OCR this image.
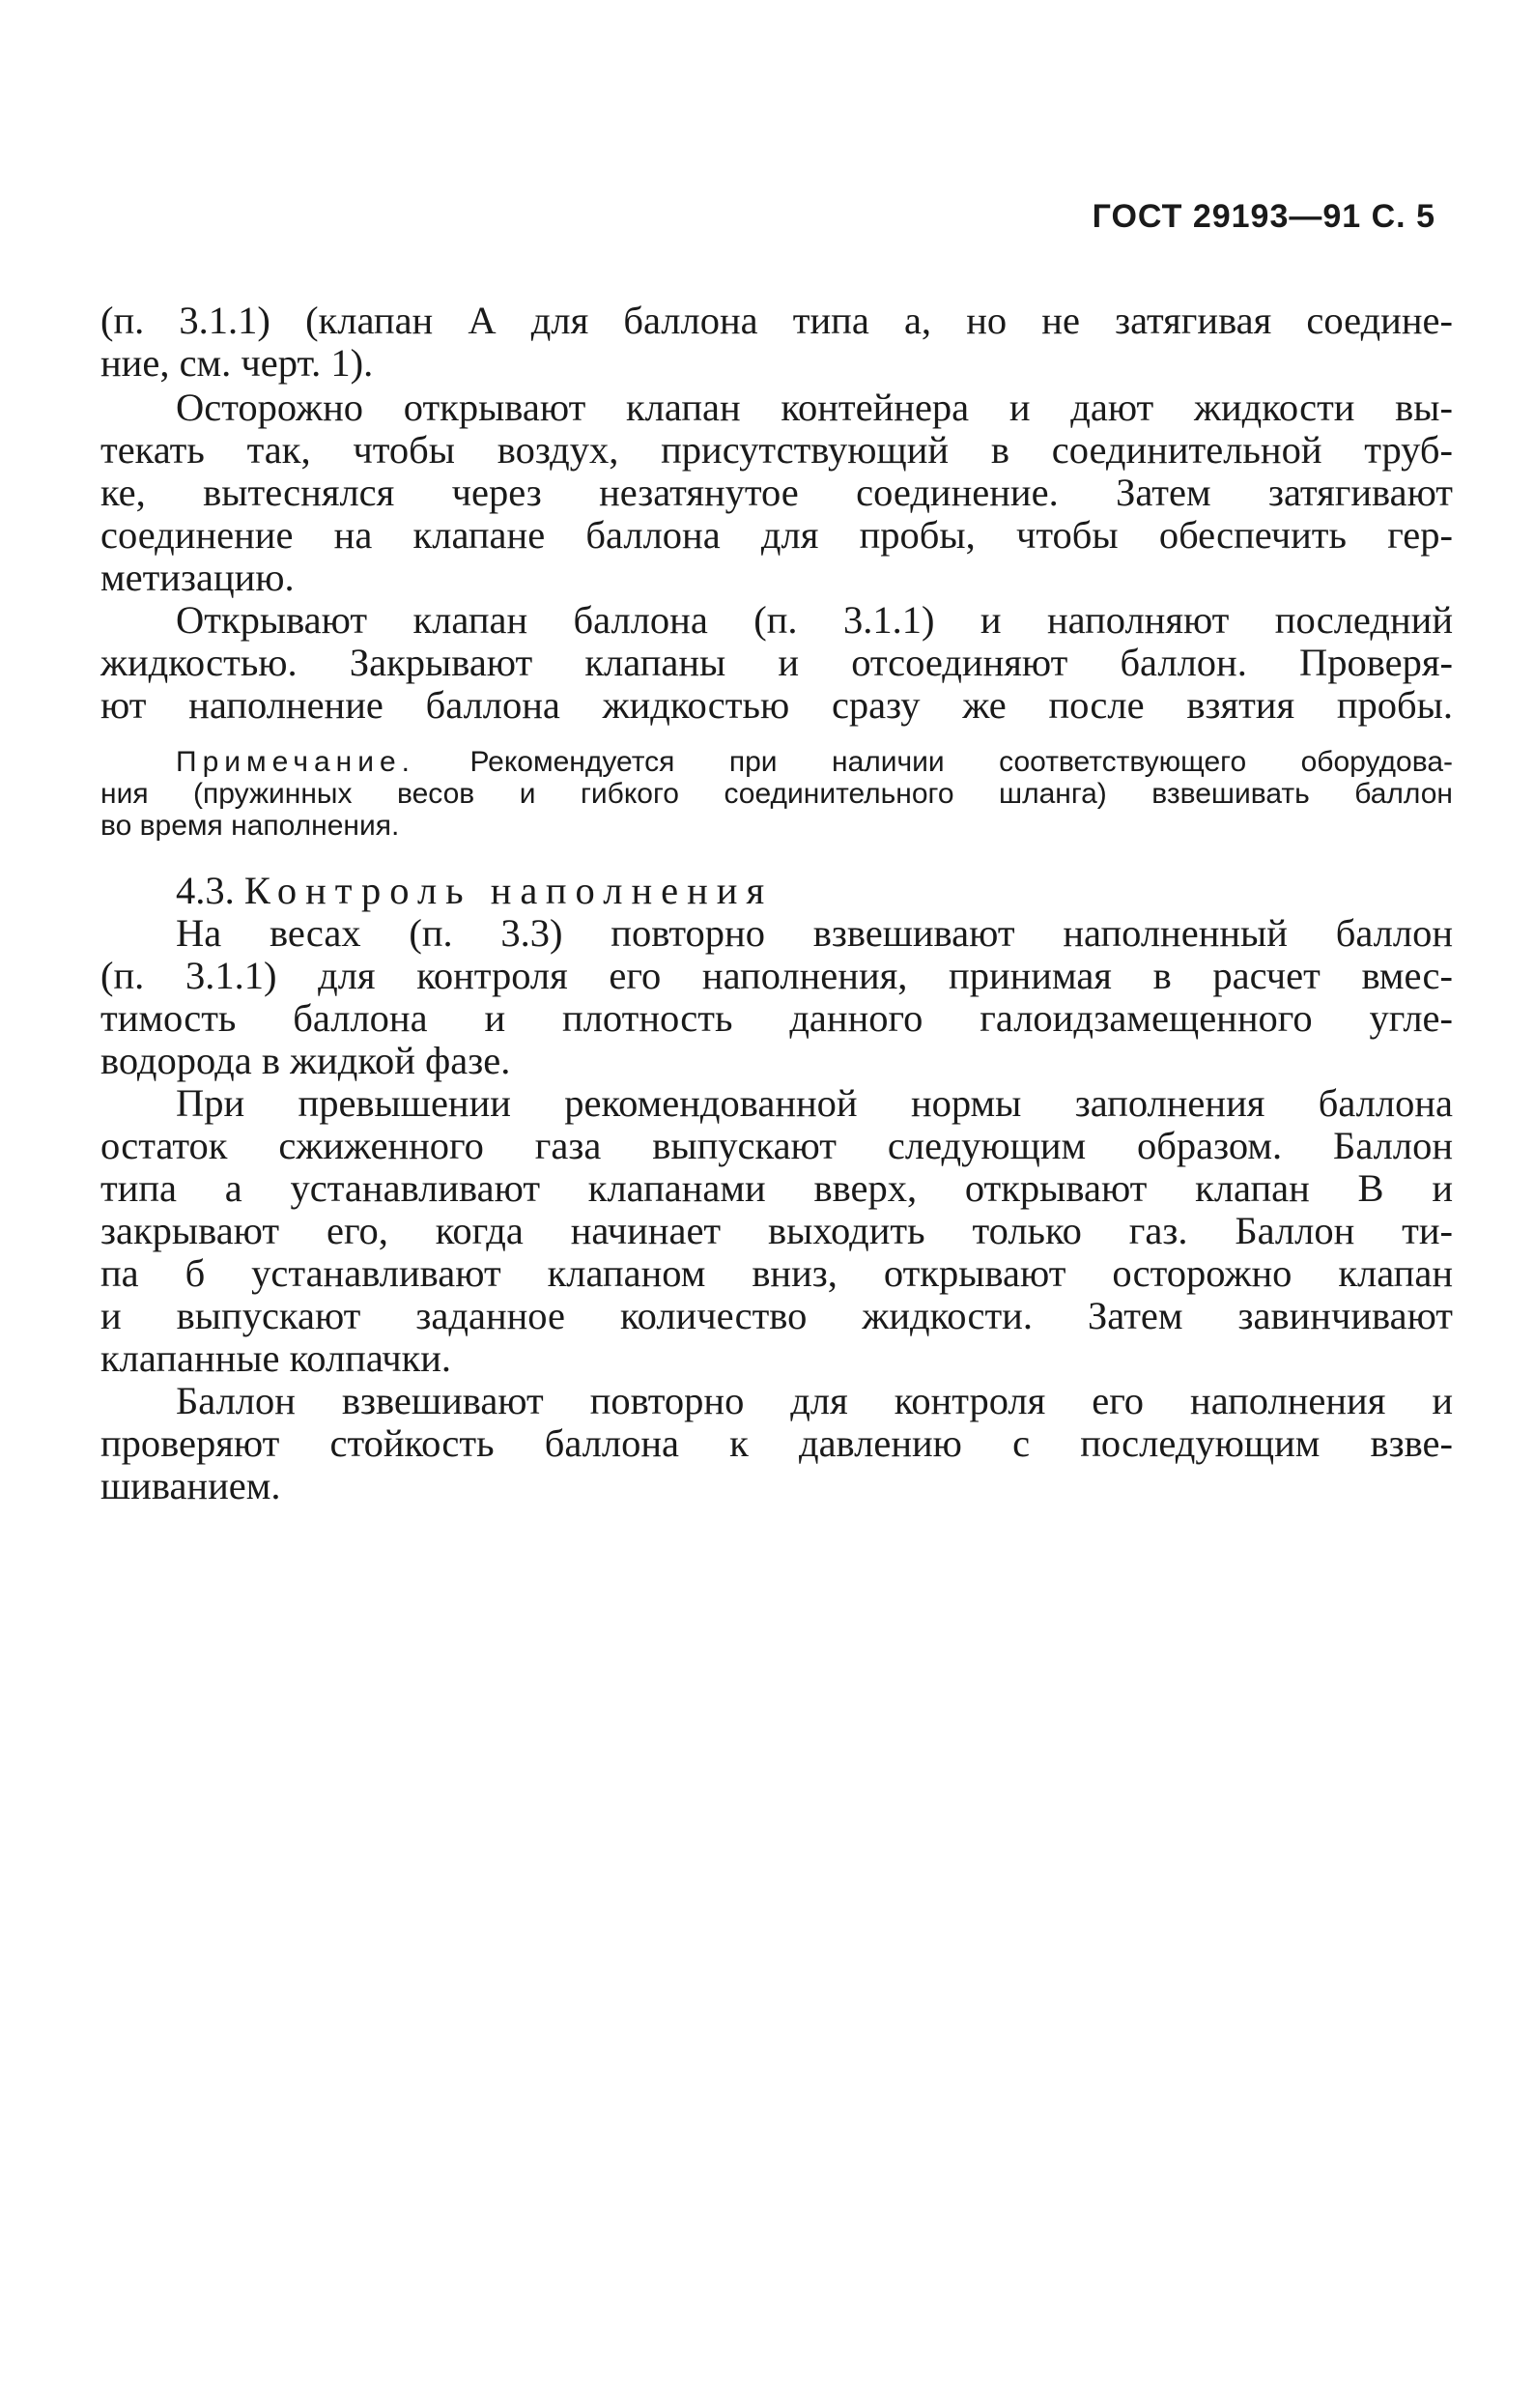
ГОСТ 29193—91 С. 5
(п. 3.1.1) (клапан А для баллона типа а, но не затягивая соедине-
ние, см. черт. 1).
Осторожно открывают клапан контейнера и дают жидкости вы-
текать так, чтобы воздух, присутствующий в соединительной труб-
ке, вытеснялся через незатянутое соединение. Затем затягивают
соединение на клапане баллона для пробы, чтобы обеспечить гер-
метизацию.
Открывают клапан баллона (п. 3.1.1) и наполняют последний
жидкостью. Закрывают клапаны и отсоединяют баллон. Проверя-
ют наполнение баллона жидкостью сразу же после взятия пробы.
Примечание. Рекомендуется при наличии соответствующего оборудова-
ния (пружинных весов и гибкого соединительного шланга) взвешивать баллон
во время наполнения.
4.3. Контроль наполнения
На весах (п. 3.3) повторно взвешивают наполненный баллон
(п. 3.1.1) для контроля его наполнения, принимая в расчет вмес-
тимость баллона и плотность данного галоидзамещенного угле-
водорода в жидкой фазе.
При превышении рекомендованной нормы заполнения баллона
остаток сжиженного газа выпускают следующим образом. Баллон
типа а устанавливают клапанами вверх, открывают клапан В и
закрывают его, когда начинает выходить только газ. Баллон ти-
па б устанавливают клапаном вниз, открывают осторожно клапан
и выпускают заданное количество жидкости. Затем завинчивают
клапанные колпачки.
Баллон взвешивают повторно для контроля его наполнения и
проверяют стойкость баллона к давлению с последующим взве-
шиванием.
